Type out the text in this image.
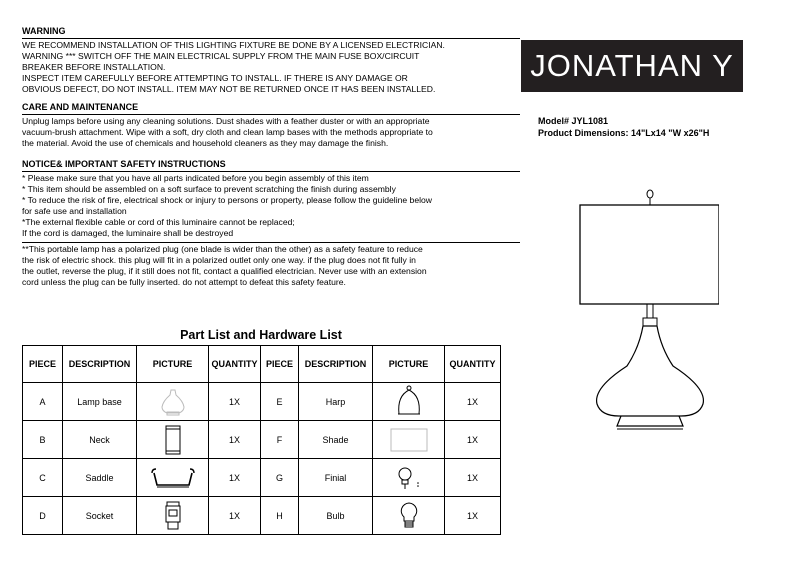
WARNING

WE RECOMMEND INSTALLATION OF THIS LIGHTING FIXTURE BE DONE BY A LICENSED ELECTRICIAN.

WARNING *** SWITCH OFF THE MAIN ELECTRICAL SUPPLY FROM THE MAIN FUSE BOX/CIRCUIT

BREAKER BEFORE INSTALLATION.

INSPECT ITEM CAREFULLY BEFORE ATTEMPTING TO INSTALL. IF THERE IS ANY DAMAGE OR

OBVIOUS DEFECT, DO NOT INSTALL. ITEM MAY NOT BE RETURNED ONCE IT HAS BEEN INSTALLED.

CARE AND MAINTENANCE

Unplug lamps before using any cleaning solutions. Dust shades with a feather duster or with an appropriate

vacuum-brush attachment. Wipe with a soft, dry cloth and clean lamp bases with the methods appropriate to

the material. Avoid the use of chemicals and household cleaners as they may damage the finish.

NOTICE& IMPORTANT SAFETY INSTRUCTIONS

* Please make sure that you have all parts indicated before you begin assembly of this item

* This item should be assembled on a soft surface to prevent scratching the finish during assembly

* To reduce the risk of fire, electrical shock or injury to persons or property, please follow the guideline below

for safe use and installation

*The external flexible cable or cord of this luminaire cannot be replaced;

If the cord is damaged, the luminaire shall be destroyed

**This portable lamp has a polarized plug (one blade is wider than the other) as a safety feature to reduce

the risk of electric shock. this plug will fit in a polarized outlet only one way. if the plug does not fit fully in

the outlet, reverse the plug, if it still does not fit, contact a qualified electrician. Never use with an extension

cord unless the plug can be fully inserted. do not attempt to defeat this safety feature.

JONATHAN Y
Model# JYL1081
Product Dimensions: 14"Lx14 "W x26"H
Part List and Hardware List
PIECE	DESCRIPTION	PICTURE	QUANTITY	PIECE	DESCRIPTION	PICTURE	QUANTITY
A	Lamp base		1X	E	Harp		1X
B	Neck		1X	F	Shade		1X
C	Saddle		1X	G	Finial		1X
D	Socket		1X	H	Bulb		1X
